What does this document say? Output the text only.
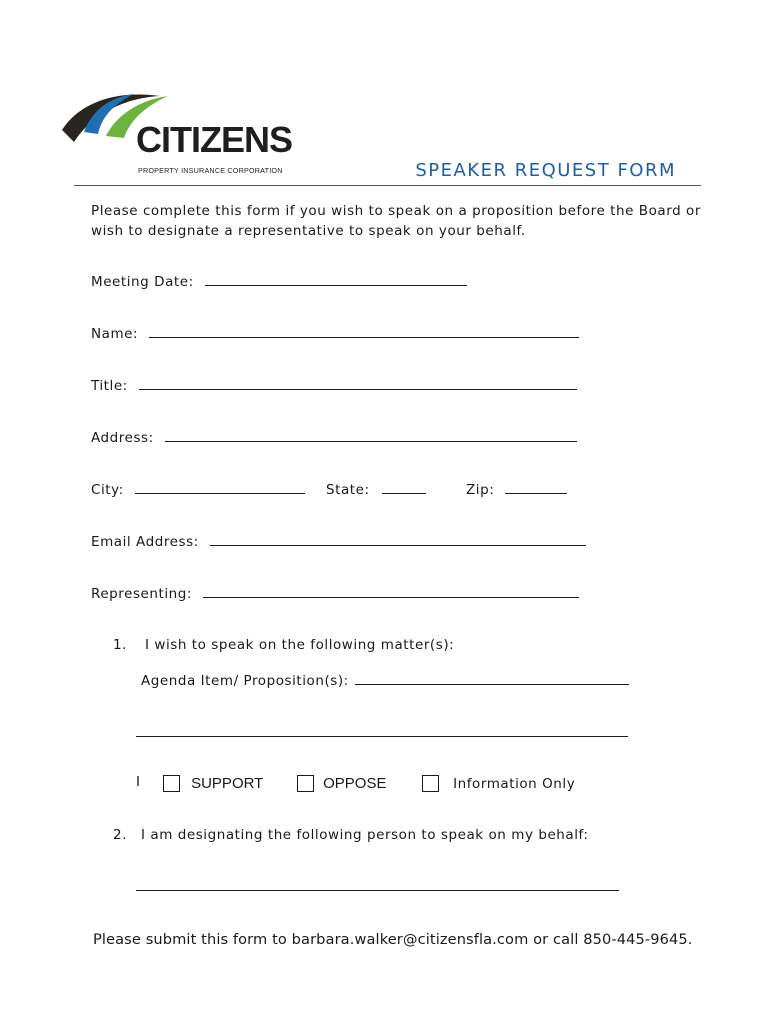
CITIZENS
PROPERTY INSURANCE CORPORATION	SPEAKER REQUEST FORM
Please complete this form if you wish to speak on a proposition before the Board or
wish to designate a representative to speak on your behalf.
Meeting Date:
Name:
Title:
Address:
City:	State:	Zip:
Email Address:
Representing:
1. I wish to speak on the following matter(s):
Agenda Item/ Proposition(s):
I	SUPPORT	OPPOSE	Information Only
2. I am designating the following person to speak on my behalf:
Please submit this form to barbara.walker@citizensfla.com or call 850-445-9645.
